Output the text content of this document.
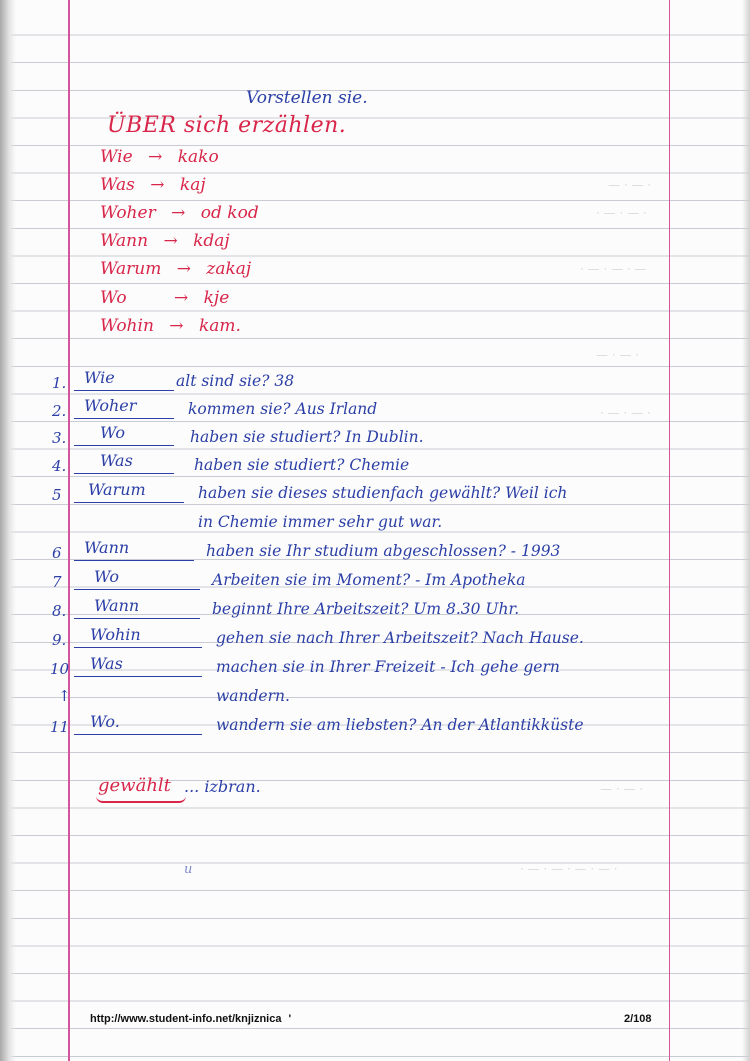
— · — ·
· — · — ·
· — · — · —
— · — ·
· — · — ·
— · — ·
· — · — · — · — ·
Vorstellen sie.
ÜBER sich erzählen.
Wie → kako
Was → kaj
Woher → od kod
Wann → kdaj
Warum → zakaj
Wo	→ kje
Wohin → kam.
1. Wie	alt sind sie? 38
2. Woher	kommen sie? Aus Irland
3. Wo	haben sie studiert? In Dublin.
4. Was	haben sie studiert? Chemie
5 Warum	haben sie dieses studienfach gewählt? Weil ich
in Chemie immer sehr gut war.
6 Wann	haben sie Ihr studium abgeschlossen? - 1993
7 Wo	Arbeiten sie im Moment? - Im Apotheka
8. Wann	beginnt Ihre Arbeitszeit? Um 8.30 Uhr.
9. Wohin	gehen sie nach Ihrer Arbeitszeit? Nach Hause.
10 Was	machen sie in Ihrer Freizeit - Ich gehe gern
↑	wandern.
11 Wo.	wandern sie am liebsten? An der Atlantikküste
gewählt ... izbran.
u
http://www.student-info.net/knjiznica '	2/108
